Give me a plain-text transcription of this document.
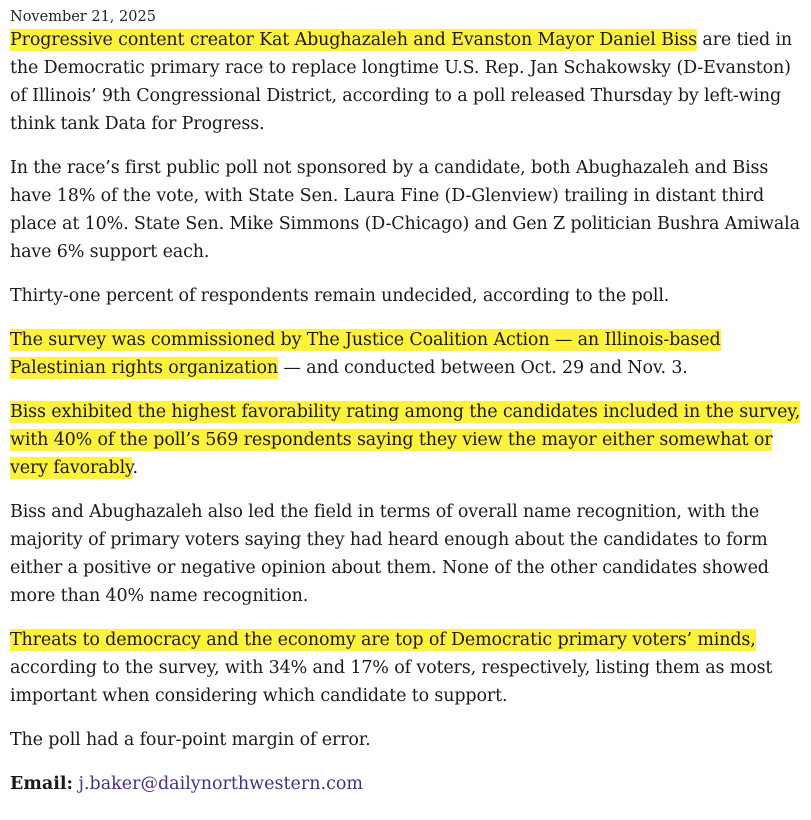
November 21, 2025

Progressive content creator Kat Abughazaleh and Evanston Mayor Daniel Biss are tied in the Democratic primary race to replace longtime U.S. Rep. Jan Schakowsky (D-Evanston) of Illinois’ 9th Congressional District, according to a poll released Thursday by left-wing think tank Data for Progress.

In the race’s first public poll not sponsored by a candidate, both Abughazaleh and Biss have 18% of the vote, with State Sen. Laura Fine (D-Glenview) trailing in distant third place at 10%. State Sen. Mike Simmons (D-Chicago) and Gen Z politician Bushra Amiwala have 6% support each.

Thirty-one percent of respondents remain undecided, according to the poll.

The survey was commissioned by The Justice Coalition Action — an Illinois-based Palestinian rights organization — and conducted between Oct. 29 and Nov. 3.

Biss exhibited the highest favorability rating among the candidates included in the survey, with 40% of the poll’s 569 respondents saying they view the mayor either somewhat or very favorably.

Biss and Abughazaleh also led the field in terms of overall name recognition, with the majority of primary voters saying they had heard enough about the candidates to form either a positive or negative opinion about them. None of the other candidates showed more than 40% name recognition.

Threats to democracy and the economy are top of Democratic primary voters’ minds, according to the survey, with 34% and 17% of voters, respectively, listing them as most important when considering which candidate to support.

The poll had a four-point margin of error.

Email: j.baker@dailynorthwestern.com
